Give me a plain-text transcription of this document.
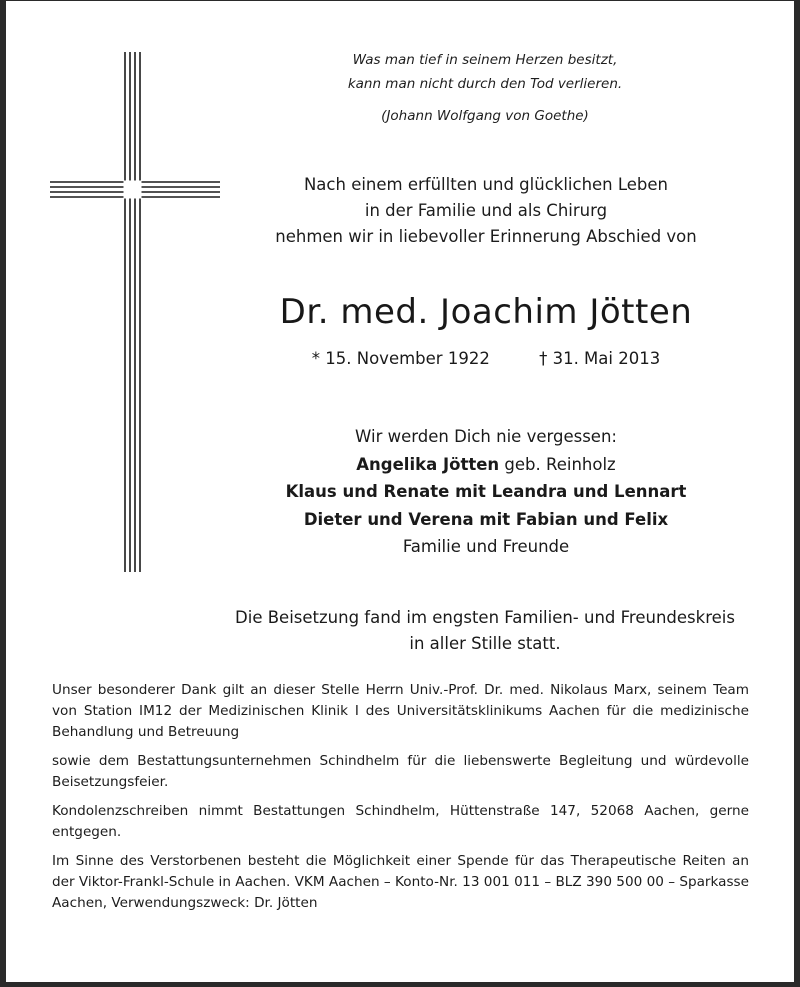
Was man tief in seinem Herzen besitzt,
kann man nicht durch den Tod verlieren.
(Johann Wolfgang von Goethe)
Nach einem erfüllten und glücklichen Leben
in der Familie und als Chirurg
nehmen wir in liebevoller Erinnerung Abschied von
Dr. med. Joachim Jötten
* 15. November 1922	† 31. Mai 2013
Wir werden Dich nie vergessen:
Angelika Jötten geb. Reinholz
Klaus und Renate mit Leandra und Lennart
Dieter und Verena mit Fabian und Felix
Familie und Freunde
Die Beisetzung fand im engsten Familien- und Freundeskreis
in aller Stille statt.

Unser besonderer Dank gilt an dieser Stelle Herrn Univ.-Prof. Dr. med. Nikolaus Marx, seinem Team von Station IM12 der Medizinischen Klinik I des Universitätsklinikums Aachen für die medizinische Behandlung und Betreuung

sowie dem Bestattungsunternehmen Schindhelm für die liebenswerte Begleitung und würdevolle Beisetzungsfeier.

Kondolenzschreiben nimmt Bestattungen Schindhelm, Hüttenstraße 147, 52068 Aachen, gerne entgegen.

Im Sinne des Verstorbenen besteht die Möglichkeit einer Spende für das Therapeutische Reiten an der Viktor-Frankl-Schule in Aachen. VKM Aachen – Konto-Nr. 13 001 011 – BLZ 390 500 00 – Sparkasse Aachen, Verwendungszweck: Dr. Jötten
